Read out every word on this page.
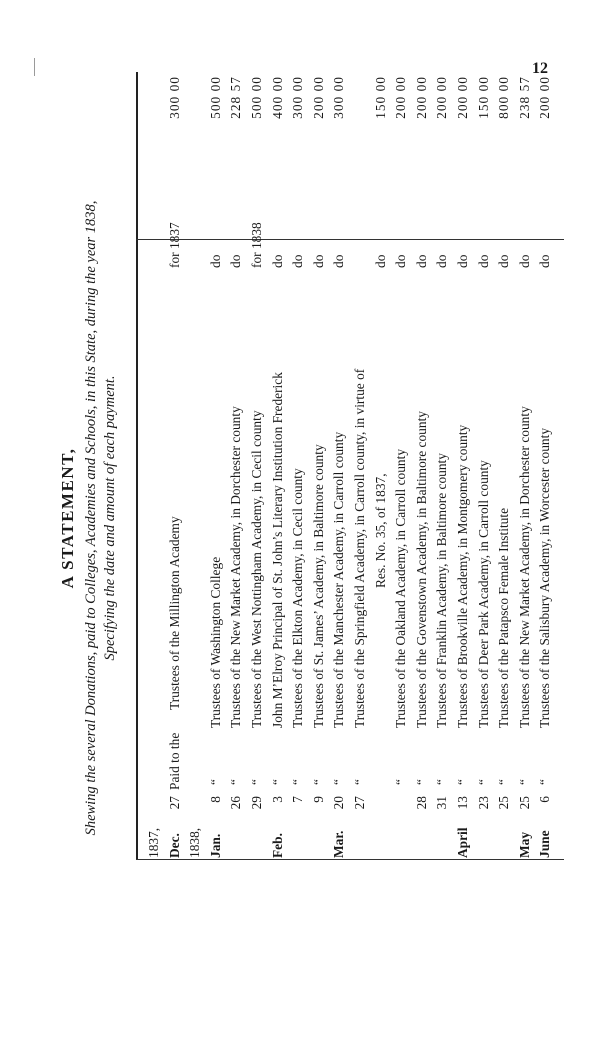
12
A STATEMENT, Shewing the several Donations, paid to Colleges, Academies and Schools, in this State, during the year 1838, Specifying the date and amount of each payment.
1837, Dec.
27
Paid to the
Trustees of the Millington Academy
for 1837
300 00
1838, Jan.
8
“
Trustees of Washington College
do
500 00
26
“
Trustees of the New Market Academy, in Dorchester county
do
228 57
29
“
Trustees of the West Nottingham Academy, in Cecil county
for 1838
500 00
Feb.
3
“
John M’Elroy Principal of St. John’s Literary Institution Frederick
do
400 00
7
“
Trustees of the Elkton Academy, in Cecil county
do
300 00
9
“
Trustees of St. James’ Academy, in Baltimore county
do
200 00
Mar.
20
“
Trustees of the Manchester Academy, in Carroll county
do
300 00
27
“
Trustees of the Springfield Academy, in Carroll county, in virtue of Res. No. 35, of 1837,
do
150 00
“
Trustees of the Oakland Academy, in Carroll county
do
200 00
28
“
Trustees of the Govenstown Academy, in Baltimore county
do
200 00
31
“
Trustees of Franklin Academy, in Baltimore county
do
200 00
April
13
“
Trustees of Brookville Academy, in Montgomery county
do
200 00
23
“
Trustees of Deer Park Academy, in Carroll county
do
150 00
25
“
Trustees of the Patapsco Female Institute
do
800 00
May
25
“
Trustees of the New Market Academy, in Dorchester county
do
238 57
June
6
“
Trustees of the Salisbury Academy, in Worcester county
do
200 00
